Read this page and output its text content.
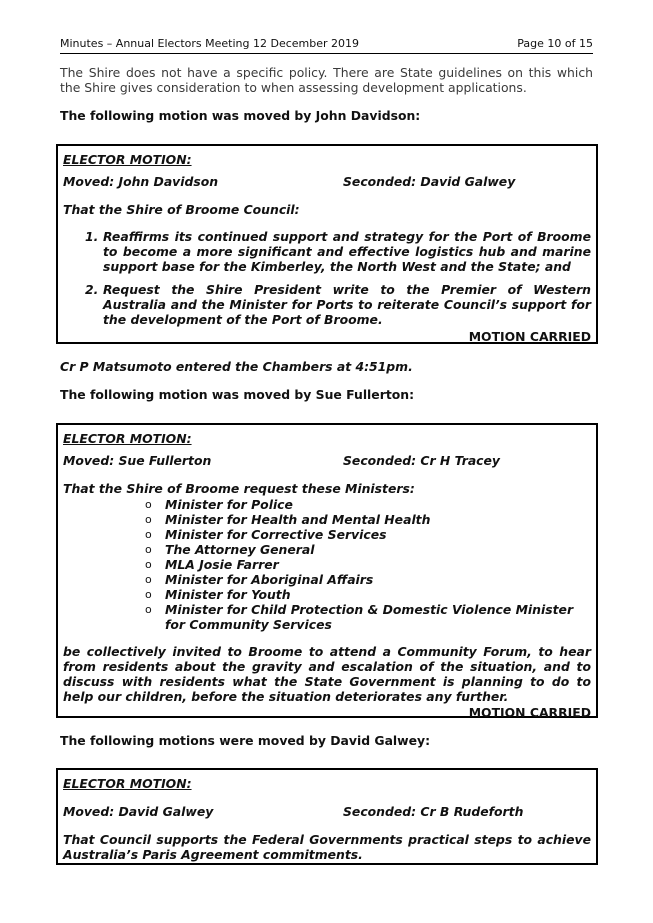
Minutes – Annual Electors Meeting 12 December 2019	Page 10 of 15
The Shire does not have a specific policy. There are State guidelines on this which the Shire gives consideration to when assessing development applications.
The following motion was moved by John Davidson:
ELECTOR MOTION:
Moved: John Davidson	Seconded: David Galwey
That the Shire of Broome Council:
1. Reaffirms its continued support and strategy for the Port of Broome to become a more significant and effective logistics hub and marine support base for the Kimberley, the North West and the State; and
2. Request the Shire President write to the Premier of Western Australia and the Minister for Ports to reiterate Council’s support for the development of the Port of Broome.
MOTION CARRIED
Cr P Matsumoto entered the Chambers at 4:51pm.
The following motion was moved by Sue Fullerton:
ELECTOR MOTION:
Moved: Sue Fullerton	Seconded: Cr H Tracey
That the Shire of Broome request these Ministers:
o	Minister for Police
o	Minister for Health and Mental Health
o	Minister for Corrective Services
o	The Attorney General
o	MLA Josie Farrer
o	Minister for Aboriginal Affairs
o	Minister for Youth
o	Minister for Child Protection & Domestic Violence Minister for Community Services
be collectively invited to Broome to attend a Community Forum, to hear from residents about the gravity and escalation of the situation, and to discuss with residents what the State Government is planning to do to help our children, before the situation deteriorates any further.
MOTION CARRIED
The following motions were moved by David Galwey:
ELECTOR MOTION:
Moved: David Galwey	Seconded: Cr B Rudeforth
That Council supports the Federal Governments practical steps to achieve Australia’s Paris Agreement commitments.
